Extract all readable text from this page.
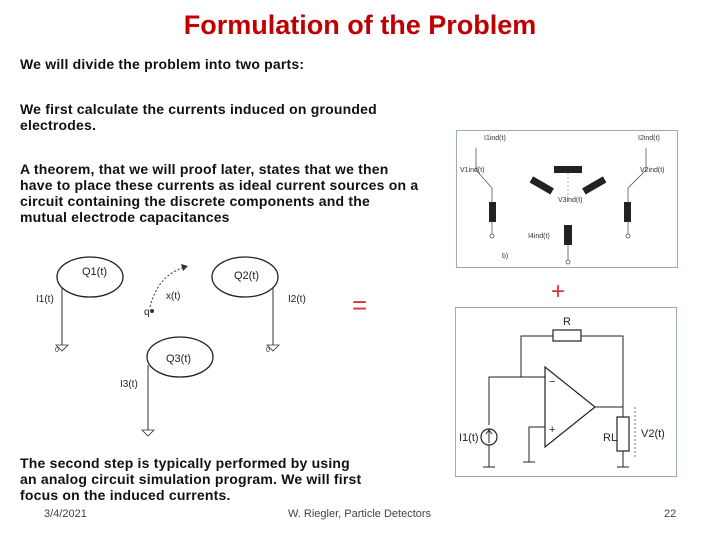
Formulation of the Problem
We will divide the problem into two parts:
We first calculate the currents induced on grounded electrodes.
A theorem, that we will proof later, states that we then have to place these currents as ideal current sources on a circuit containing the discrete components and the mutual electrode capacitances
The second step is typically performed by using an analog circuit simulation program. We will first focus on the induced currents.
Q1(t)	Q2(t)
Q3(t)
0	0
I1(t)	I2(t)
I3(t)
q
x(t)	=	+
I1ind(t)	I2ind(t)
V1ind(t)	V2ind(t)
V3ind(t)
I4ind(t)
b)
−
+
R
I1(t)	RL V2(t)
3/4/2021	W. Riegler, Particle Detectors	22
